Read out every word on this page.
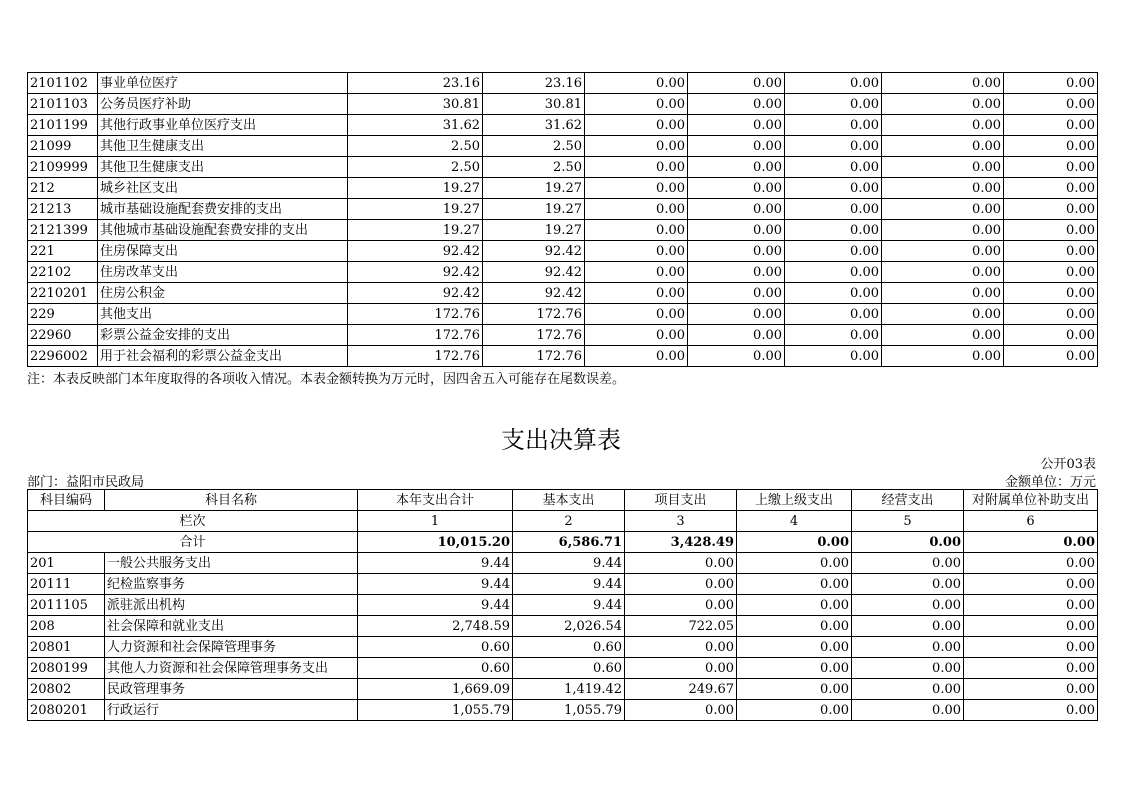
2101102	事业单位医疗	23.16	23.16	0.00	0.00	0.00	0.00	0.00
2101103	公务员医疗补助	30.81	30.81	0.00	0.00	0.00	0.00	0.00
2101199	其他行政事业单位医疗支出	31.62	31.62	0.00	0.00	0.00	0.00	0.00
21099	其他卫生健康支出	2.50	2.50	0.00	0.00	0.00	0.00	0.00
2109999	其他卫生健康支出	2.50	2.50	0.00	0.00	0.00	0.00	0.00
212	城乡社区支出	19.27	19.27	0.00	0.00	0.00	0.00	0.00
21213	城市基础设施配套费安排的支出	19.27	19.27	0.00	0.00	0.00	0.00	0.00
2121399	其他城市基础设施配套费安排的支出	19.27	19.27	0.00	0.00	0.00	0.00	0.00
221	住房保障支出	92.42	92.42	0.00	0.00	0.00	0.00	0.00
22102	住房改革支出	92.42	92.42	0.00	0.00	0.00	0.00	0.00
2210201	住房公积金	92.42	92.42	0.00	0.00	0.00	0.00	0.00
229	其他支出	172.76	172.76	0.00	0.00	0.00	0.00	0.00
22960	彩票公益金安排的支出	172.76	172.76	0.00	0.00	0.00	0.00	0.00
2296002	用于社会福利的彩票公益金支出	172.76	172.76	0.00	0.00	0.00	0.00	0.00
注：本表反映部门本年度取得的各项收入情况。本表金额转换为万元时，因四舍五入可能存在尾数误差。
支出决算表
公开03表
部门：益阳市民政局	金额单位：万元
科目编码	科目名称	本年支出合计	基本支出	项目支出	上缴上级支出	经营支出	对附属单位补助支出
栏次		1	2	3	4	5	6
合计		10,015.20	6,586.71	3,428.49	0.00	0.00	0.00
201	一般公共服务支出	9.44	9.44	0.00	0.00	0.00	0.00
20111	纪检监察事务	9.44	9.44	0.00	0.00	0.00	0.00
2011105	派驻派出机构	9.44	9.44	0.00	0.00	0.00	0.00
208	社会保障和就业支出	2,748.59	2,026.54	722.05	0.00	0.00	0.00
20801	人力资源和社会保障管理事务	0.60	0.60	0.00	0.00	0.00	0.00
2080199	其他人力资源和社会保障管理事务支出	0.60	0.60	0.00	0.00	0.00	0.00
20802	民政管理事务	1,669.09	1,419.42	249.67	0.00	0.00	0.00
2080201	行政运行	1,055.79	1,055.79	0.00	0.00	0.00	0.00
